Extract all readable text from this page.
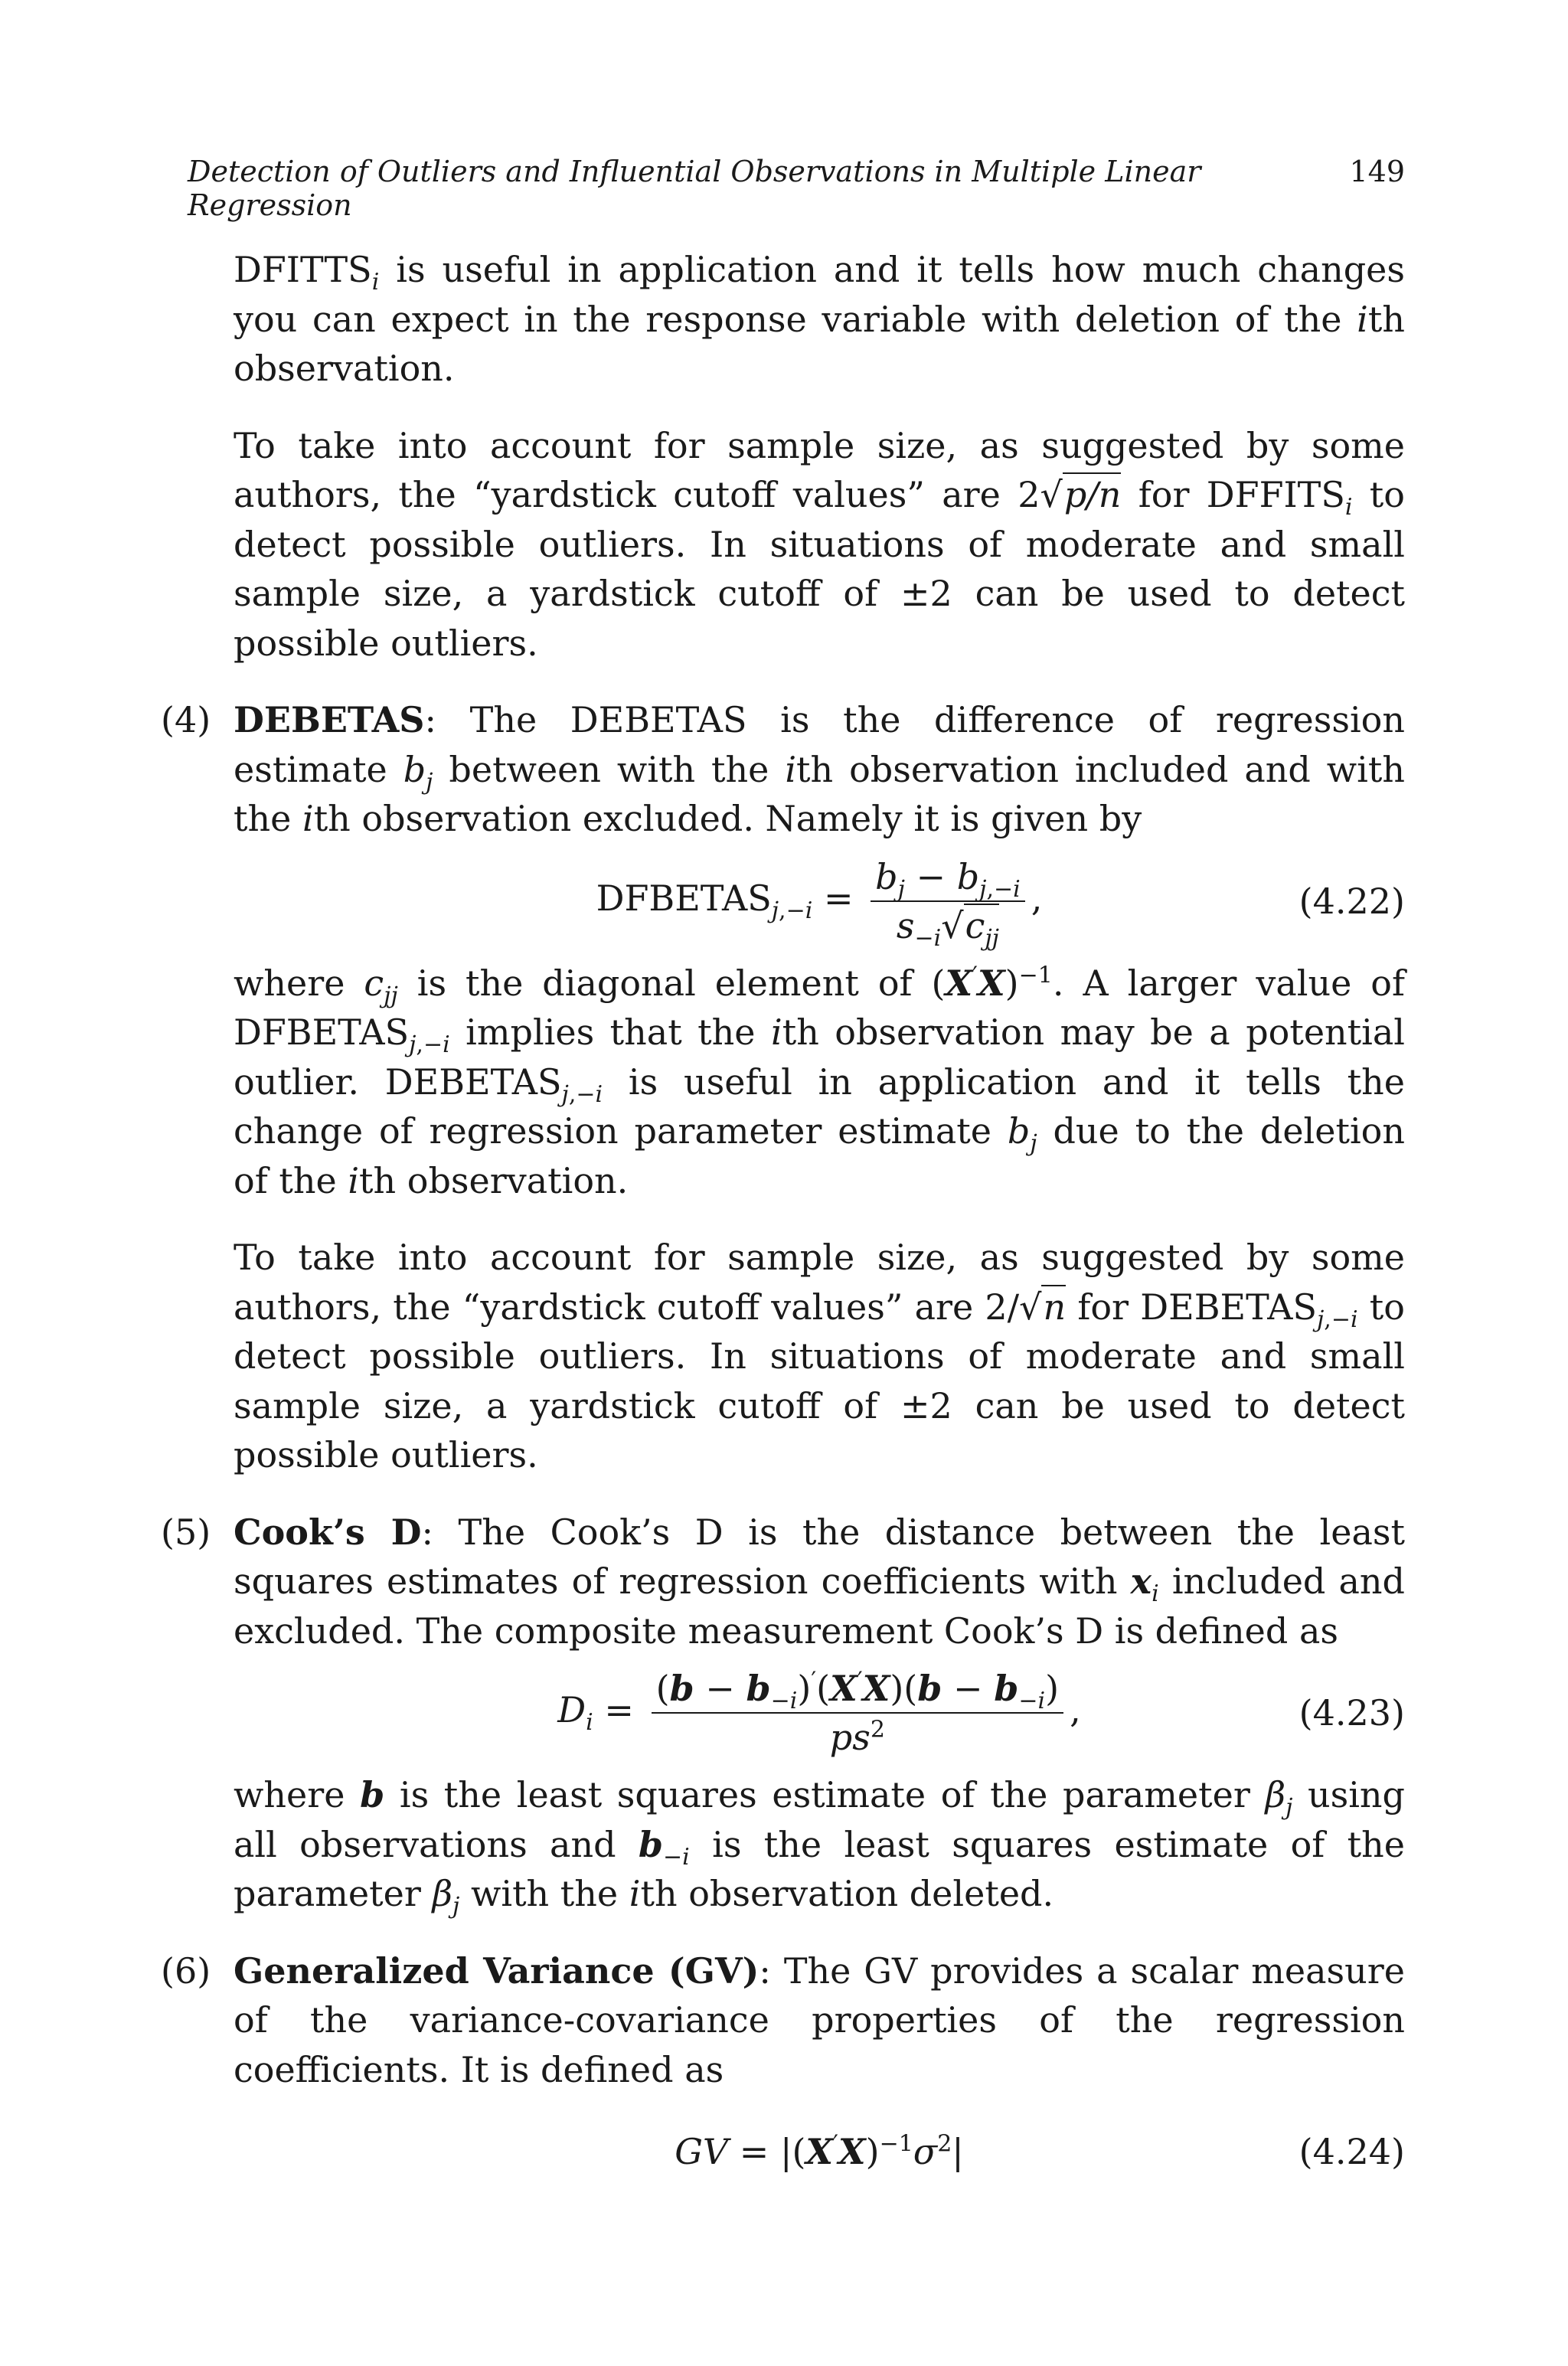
Detection of Outliers and Influential Observations in Multiple Linear Regression
149

$DFITTS_i$ is useful in application and it tells how much changes you can expect in the response variable with deletion of the ith observation.

To take into account for sample size, as suggested by some authors, the “yardstick cutoff values” are 2√p/n for $DFFITS_i$ to detect possible outliers. In situations of moderate and small sample size, a yardstick cutoff of ±2 can be used to detect possible outliers.

(4) DEBETAS: The DEBETAS is the difference of regression estimate $b_j$ between with the ith observation included and with the ith observation excluded. Namely it is given by

$DFBETAS_{j,-i} = \frac{b_j - b_{j,-i}}{s_{-i}√c_{jj}}$ ,	(4.22)

where $c_{jj}$ is the diagonal element of $(X'X)^{-1}$. A larger value of $DFBETAS_{j,-i}$ implies that the ith observation may be a potential outlier. $DEBETAS_{j,-i}$ is useful in application and it tells the change of regression parameter estimate $b_j$ due to the deletion of the ith observation.

To take into account for sample size, as suggested by some authors, the “yardstick cutoff values” are 2/√n for $DEBETAS_{j,-i}$ to detect possible outliers. In situations of moderate and small sample size, a yardstick cutoff of ±2 can be used to detect possible outliers.

(5) Cook’s D: The Cook’s D is the distance between the least squares estimates of regression coefficients with $x_i$ included and excluded. The composite measurement Cook’s D is defined as

$D_i = \frac{(b - b_{-i})'(X'X)(b - b_{-i})}{ps^2}$ ,	(4.23)

where b is the least squares estimate of the parameter $\beta_j$ using all observations and $b_{-i}$ is the least squares estimate of the parameter $\beta_j$ with the ith observation deleted.

(6) Generalized Variance (GV): The GV provides a scalar measure of the variance-covariance properties of the regression coefficients. It is defined as

GV = $|(X'X)^{-1}\sigma^2|$	(4.24)
